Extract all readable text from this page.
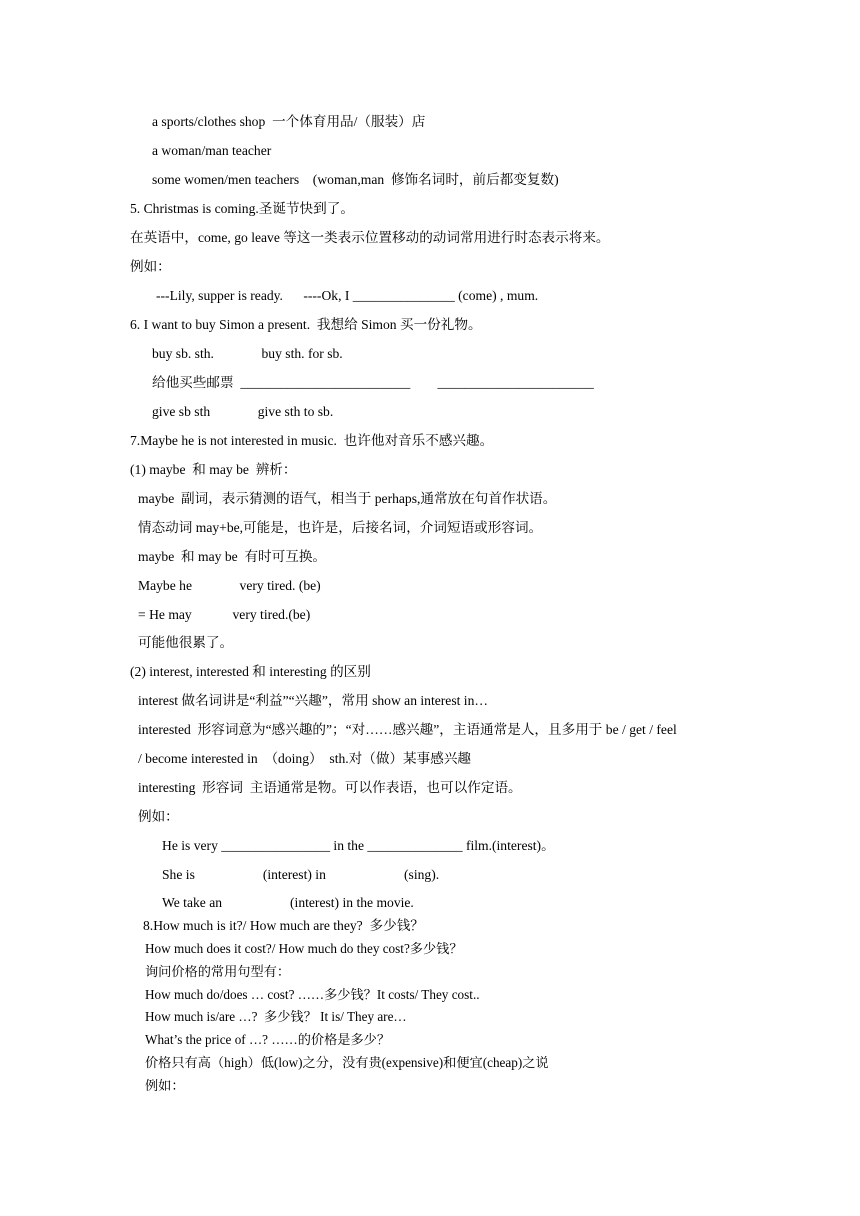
a sports/clothes shop  一个体育用品/（服装）店
a woman/man teacher
some women/men teachers    (woman,man  修饰名词时，前后都变复数)
5. Christmas is coming.圣诞节快到了。
在英语中，come, go leave 等这一类表示位置移动的动词常用进行时态表示将来。
例如：
---Lily, supper is ready.      ----Ok, I _______________ (come) , mum.
6. I want to buy Simon a present.  我想给 Simon 买一份礼物。
buy sb. sth.              buy sth. for sb.
给他买些邮票  _________________________        _______________________
give sb sth              give sth to sb.
7.Maybe he is not interested in music.  也许他对音乐不感兴趣。
(1) maybe  和 may be  辨析：
maybe  副词，表示猜测的语气，相当于 perhaps,通常放在句首作状语。
情态动词 may+be,可能是，也许是，后接名词，介词短语或形容词。
maybe  和 may be  有时可互换。
Maybe he              very tired. (be)
= He may            very tired.(be)
可能他很累了。
(2) interest, interested 和 interesting 的区别
interest 做名词讲是“利益”“兴趣”，常用 show an interest in…
interested  形容词意为“感兴趣的”；“对……感兴趣”，主语通常是人，且多用于 be / get / feel
/ become interested in  （doing）  sth.对（做）某事感兴趣
interesting  形容词  主语通常是物。可以作表语，也可以作定语。
例如：
He is very ________________ in the ______________ film.(interest)。
She is                    (interest) in                       (sing).
We take an                    (interest) in the movie.
8.How much is it?/ How much are they?  多少钱？
How much does it cost?/ How much do they cost?多少钱？
询问价格的常用句型有：
How much do/does … cost? ……多少钱？It costs/ They cost..
How much is/are …?  多少钱？ It is/ They are…
What’s the price of …? ……的价格是多少？
价格只有高（high）低(low)之分，没有贵(expensive)和便宜(cheap)之说
例如：
